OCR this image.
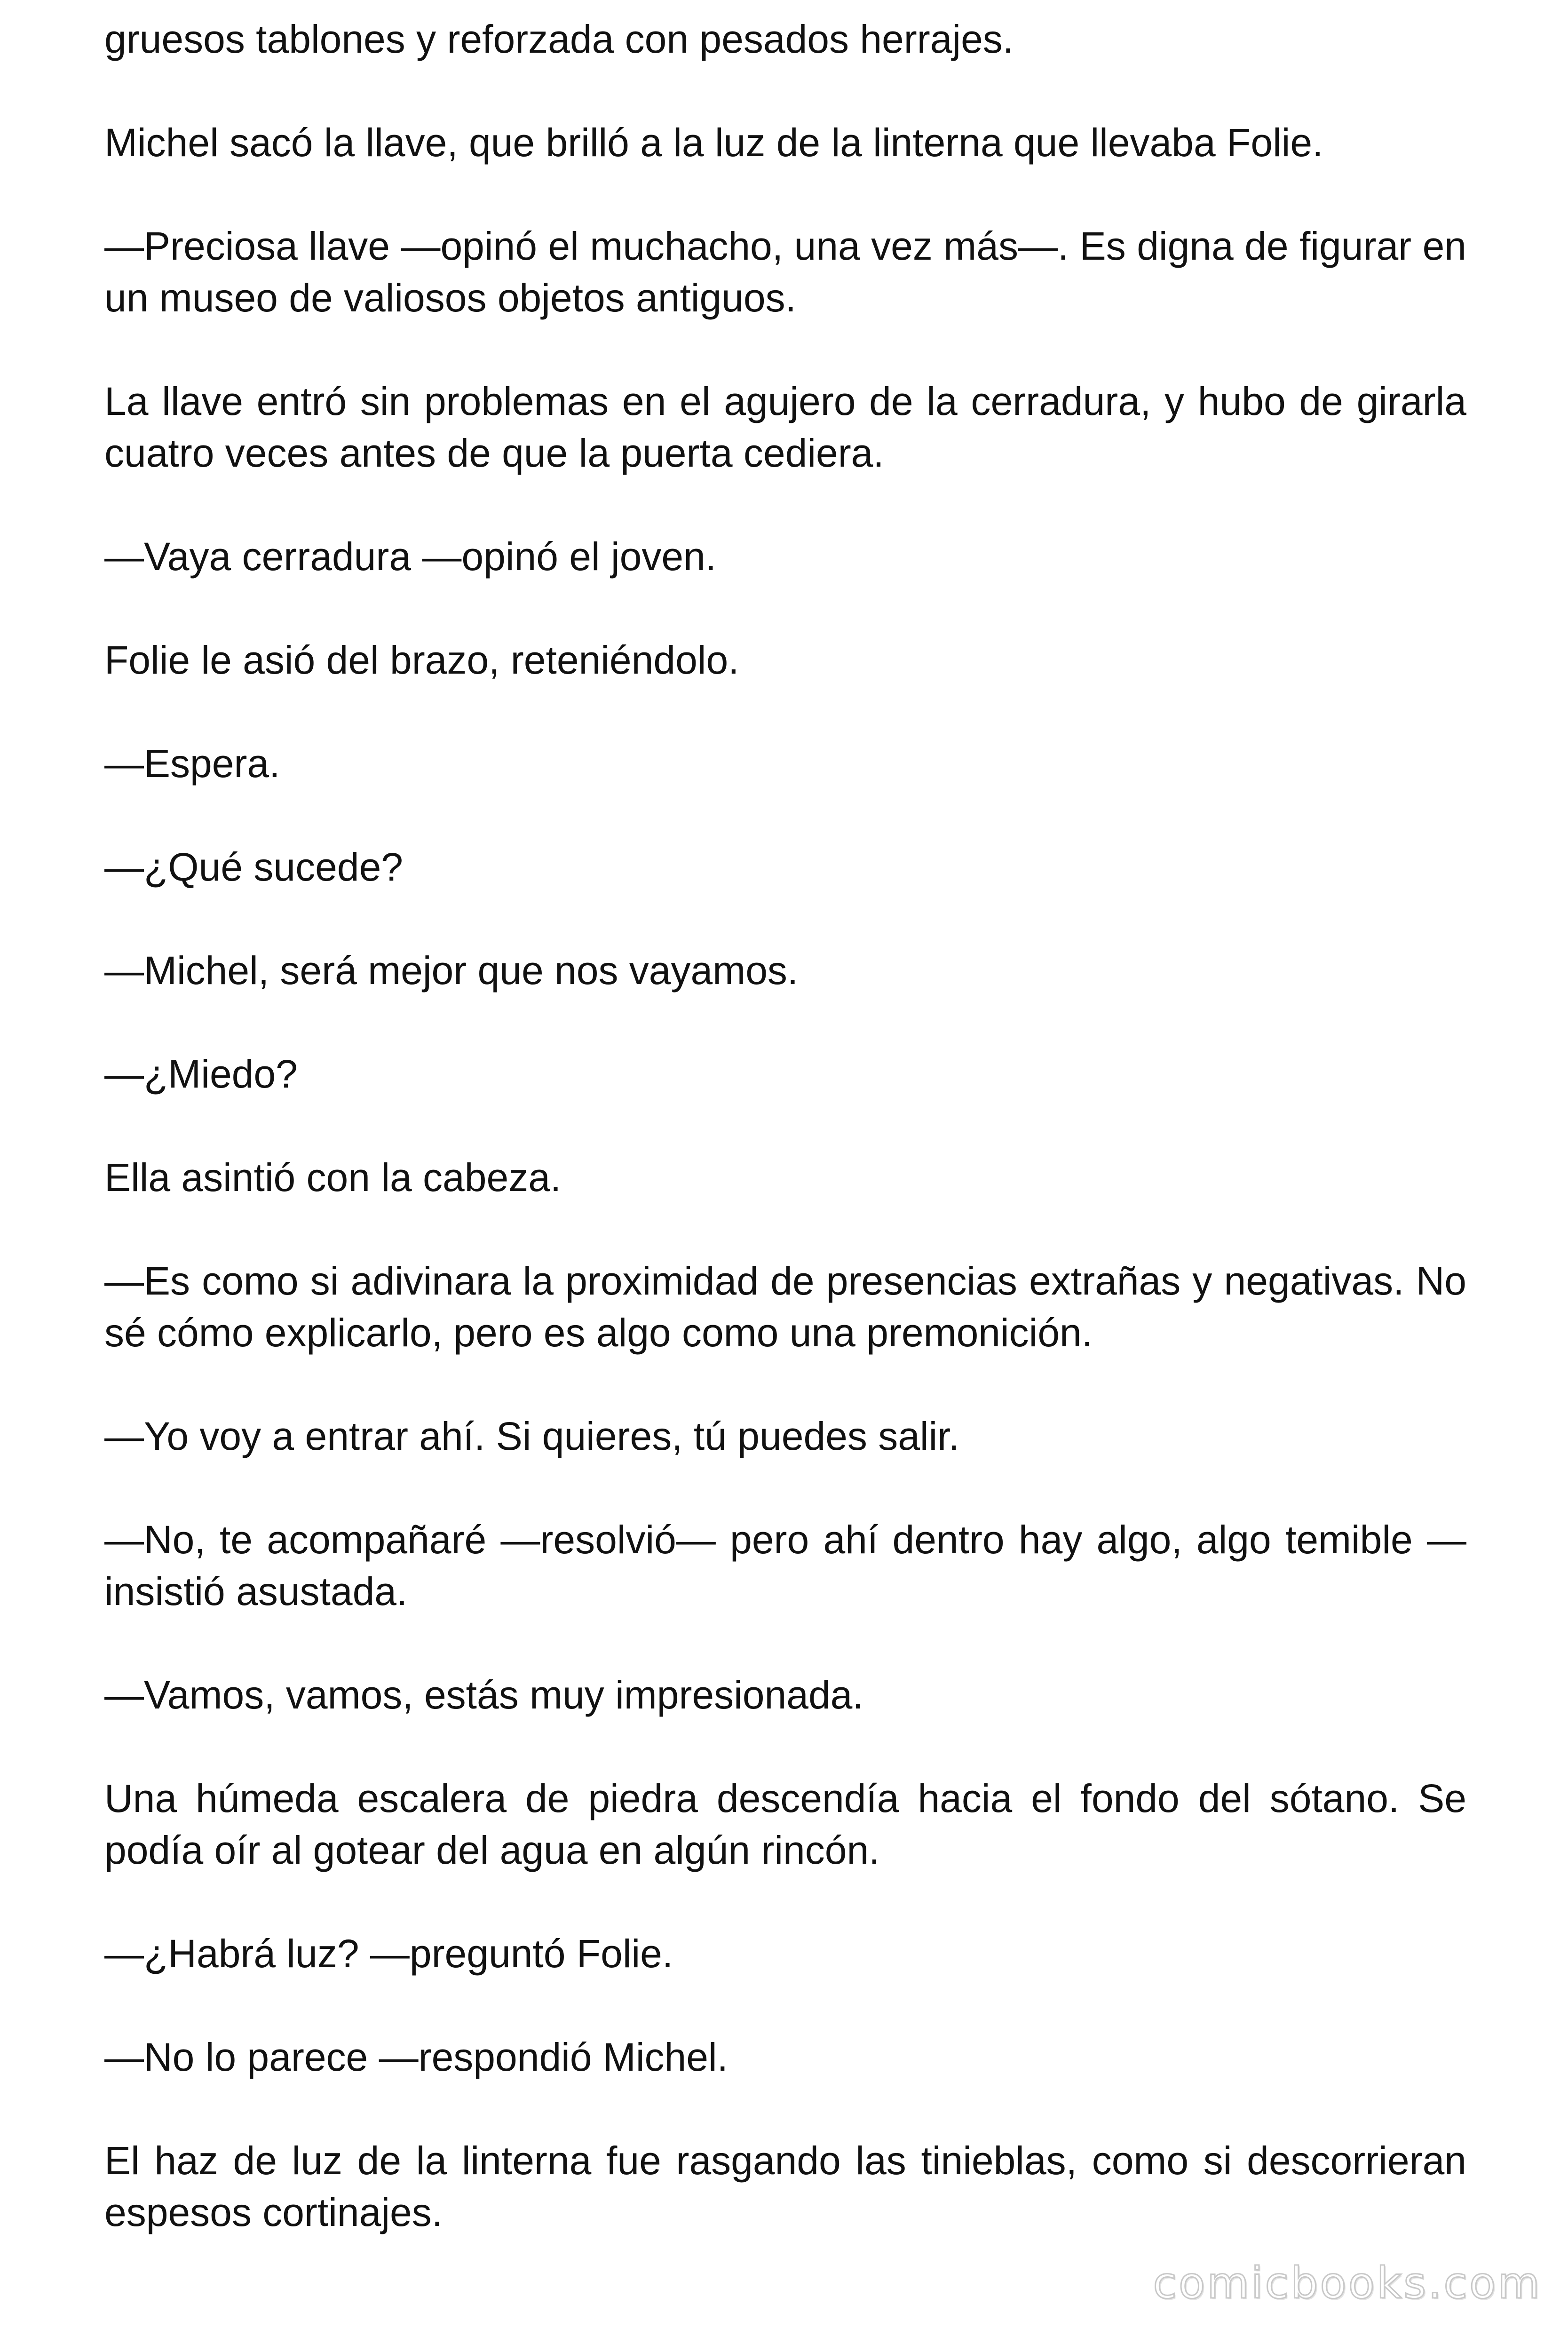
gruesos tablones y reforzada con pesados herrajes.

Michel sacó la llave, que brilló a la luz de la linterna que llevaba Folie.

—Preciosa llave —opinó el muchacho, una vez más—. Es digna de figurar en un museo de valiosos objetos antiguos.

La llave entró sin problemas en el agujero de la cerradura, y hubo de girarla cuatro veces antes de que la puerta cediera.

—Vaya cerradura —opinó el joven.

Folie le asió del brazo, reteniéndolo.

—Espera.

—¿Qué sucede?

—Michel, será mejor que nos vayamos.

—¿Miedo?

Ella asintió con la cabeza.

—Es como si adivinara la proximidad de presencias extrañas y negativas. No sé cómo explicarlo, pero es algo como una premonición.

—Yo voy a entrar ahí. Si quieres, tú puedes salir.

—No, te acompañaré —resolvió— pero ahí dentro hay algo, algo temible —insistió asustada.

—Vamos, vamos, estás muy impresionada.

Una húmeda escalera de piedra descendía hacia el fondo del sótano. Se podía oír al gotear del agua en algún rincón.

—¿Habrá luz? —preguntó Folie.

—No lo parece —respondió Michel.

El haz de luz de la linterna fue rasgando las tinieblas, como si descorrieran espesos cortinajes.

comicbooks.com
